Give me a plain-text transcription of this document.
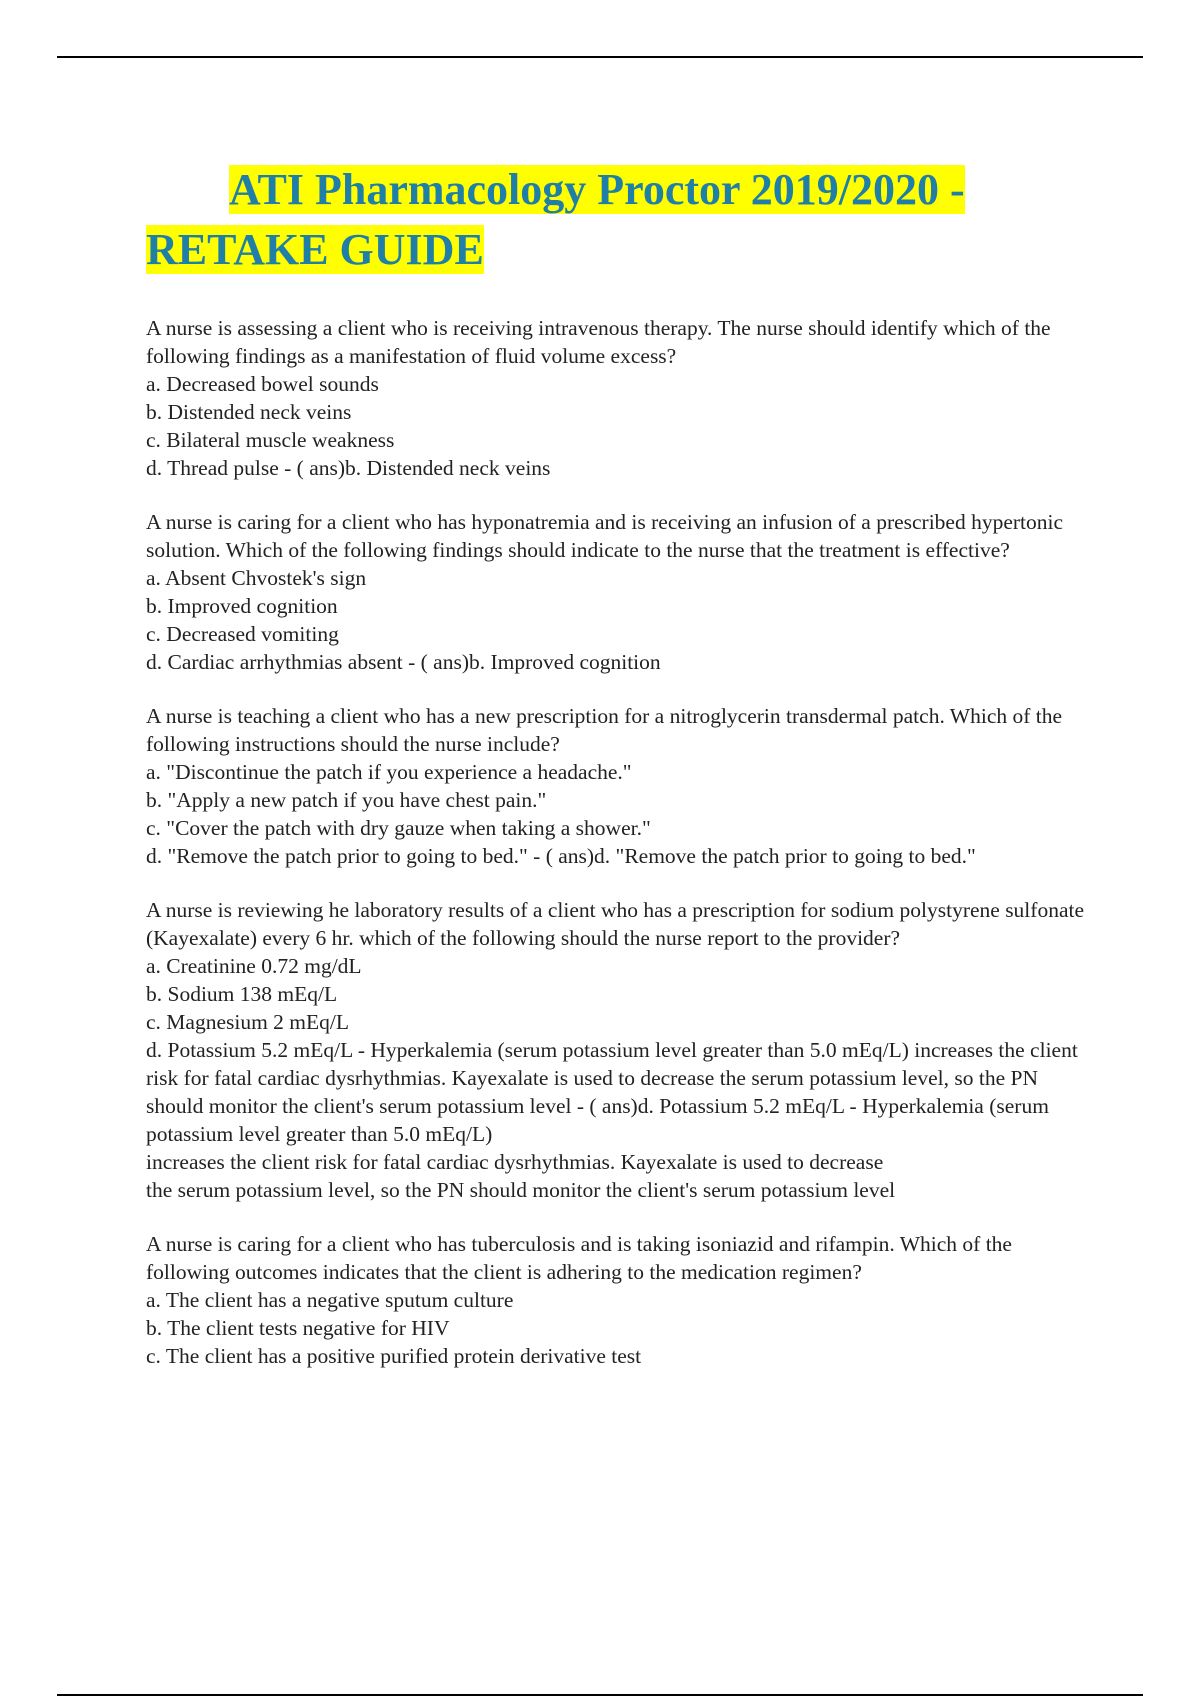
ATI Pharmacology Proctor 2019/2020 -
RETAKE GUIDE
A nurse is assessing a client who is receiving intravenous therapy. The nurse should identify which of the following findings as a manifestation of fluid volume excess?
a. Decreased bowel sounds
b. Distended neck veins
c. Bilateral muscle weakness
d. Thread pulse - ( ans)b. Distended neck veins
A nurse is caring for a client who has hyponatremia and is receiving an infusion of a prescribed hypertonic solution. Which of the following findings should indicate to the nurse that the treatment is effective?
a. Absent Chvostek's sign
b. Improved cognition
c. Decreased vomiting
d. Cardiac arrhythmias absent - ( ans)b. Improved cognition
A nurse is teaching a client who has a new prescription for a nitroglycerin transdermal patch. Which of the following instructions should the nurse include?
a. "Discontinue the patch if you experience a headache."
b. "Apply a new patch if you have chest pain."
c. "Cover the patch with dry gauze when taking a shower."
d. "Remove the patch prior to going to bed." - ( ans)d. "Remove the patch prior to going to bed."
A nurse is reviewing he laboratory results of a client who has a prescription for sodium polystyrene sulfonate (Kayexalate) every 6 hr. which of the following should the nurse report to the provider?
a. Creatinine 0.72 mg/dL
b. Sodium 138 mEq/L
c. Magnesium 2 mEq/L
d. Potassium 5.2 mEq/L - Hyperkalemia (serum potassium level greater than 5.0 mEq/L) increases the client risk for fatal cardiac dysrhythmias. Kayexalate is used to decrease the serum potassium level, so the PN should monitor the client's serum potassium level - ( ans)d. Potassium 5.2 mEq/L - Hyperkalemia (serum potassium level greater than 5.0 mEq/L)
increases the client risk for fatal cardiac dysrhythmias. Kayexalate is used to decrease
the serum potassium level, so the PN should monitor the client's serum potassium level
A nurse is caring for a client who has tuberculosis and is taking isoniazid and rifampin. Which of the following outcomes indicates that the client is adhering to the medication regimen?
a. The client has a negative sputum culture
b. The client tests negative for HIV
c. The client has a positive purified protein derivative test
